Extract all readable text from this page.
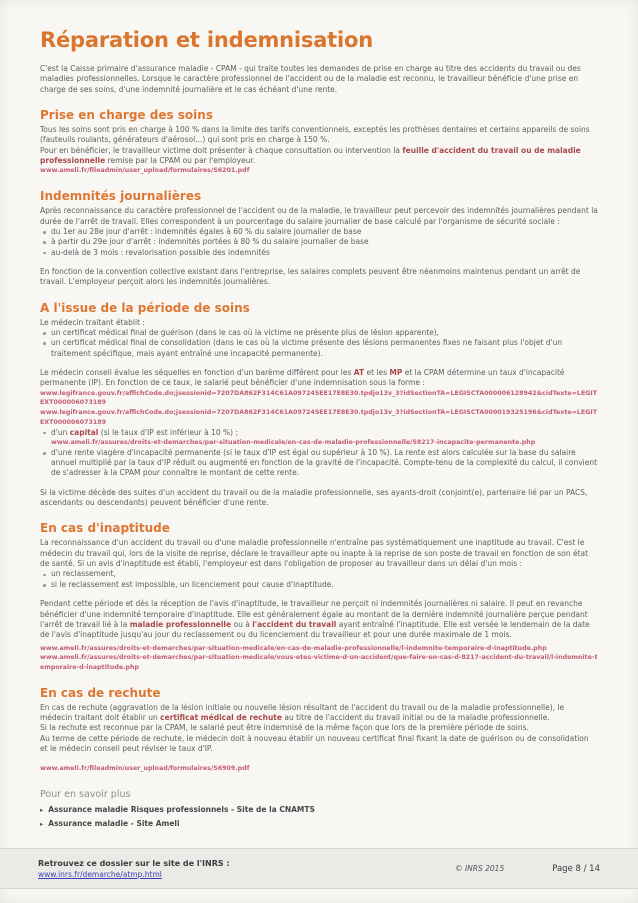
Réparation et indemnisation

C'est la Caisse primaire d'assurance maladie - CPAM - qui traite toutes les demandes de prise en charge au titre des accidents du travail ou des maladies professionnelles. Lorsque le caractère professionnel de l'accident ou de la maladie est reconnu, le travailleur bénéficie d'une prise en charge de ses soins, d'une indemnité journalière et le cas échéant d'une rente.

Prise en charge des soins

Tous les soins sont pris en charge à 100 % dans la limite des tarifs conventionnels, exceptés les prothèses dentaires et certains appareils de soins (fauteuils roulants, générateurs d'aérosol...) qui sont pris en charge à 150 %.

Pour en bénéficier, le travailleur victime doit présenter à chaque consultation ou intervention la feuille d'accident du travail ou de maladie professionnelle remise par la CPAM ou par l'employeur.

www.ameli.fr/fileadmin/user_upload/formulaires/S6201.pdf
Indemnités journalières

Après reconnaissance du caractère professionnel de l'accident ou de la maladie, le travailleur peut percevoir des indemnités journalières pendant la durée de l'arrêt de travail. Elles correspondent à un pourcentage du salaire journalier de base calculé par l'organisme de sécurité sociale :

du 1er au 28e jour d'arrêt : indemnités égales à 60 % du salaire journalier de base
à partir du 29e jour d'arrêt : indemnités portées à 80 % du salaire journalier de base
au-delà de 3 mois : revalorisation possible des indemnités

En fonction de la convention collective existant dans l'entreprise, les salaires complets peuvent être néanmoins maintenus pendant un arrêt de travail. L'employeur perçoit alors les indemnités journalières.

A l'issue de la période de soins

Le médecin traitant établit :

un certificat médical final de guérison (dans le cas où la victime ne présente plus de lésion apparente),
un certificat médical final de consolidation (dans le cas où la victime présente des lésions permanentes fixes ne faisant plus l'objet d'un traitement spécifique, mais ayant entraîné une incapacité permanente).

Le médecin conseil évalue les séquelles en fonction d'un barème différent pour les AT et les MP et la CPAM détermine un taux d'incapacité permanente (IP). En fonction de ce taux, le salarié peut bénéficier d'une indemnisation sous la forme :

www.legifrance.gouv.fr/affichCode.do;jsessionid=7207DA862F314C61A097245EE17E8E30.tpdjo13v_3?idSectionTA=LEGISCTA000006128942&cidTexte=LEGITEXT000006073189
www.legifrance.gouv.fr/affichCode.do;jsessionid=7207DA862F314C61A097245EE17E8E30.tpdjo13v_3?idSectionTA=LEGISCTA000019325196&cidTexte=LEGITEXT000006073189
d'un capital (si le taux d'IP est inférieur à 10 %) ;
www.ameli.fr/assures/droits-et-demarches/par-situation-medicale/en-cas-de-maladie-professionnelle/58217-incapacite-permanente.php
d'une rente viagère d'incapacité permanente (si le taux d'IP est égal ou supérieur à 10 %). La rente est alors calculée sur la base du salaire annuel multiplié par la taux d'IP réduit ou augmenté en fonction de la gravité de l'incapacité. Compte-tenu de la complexité du calcul, il convient de s'adresser à la CPAM pour connaître le montant de cette rente.

Si la victime décède des suites d'un accident du travail ou de la maladie professionnelle, ses ayants-droit (conjoint(e), partenaire lié par un PACS, ascendants ou descendants) peuvent bénéficier d'une rente.

En cas d'inaptitude

La reconnaissance d'un accident du travail ou d'une maladie professionnelle n'entraîne pas systématiquement une inaptitude au travail. C'est le médecin du travail qui, lors de la visite de reprise, déclare le travailleur apte ou inapte à la reprise de son poste de travail en fonction de son état de santé. Si un avis d'inaptitude est établi, l'employeur est dans l'obligation de proposer au travailleur dans un délai d'un mois :

un reclassement,
si le reclassement est impossible, un licenciement pour cause d'inaptitude.

Pendant cette période et dès la réception de l'avis d'inaptitude, le travailleur ne perçoit ni indemnités journalières ni salaire. Il peut en revanche bénéficier d'une indemnité temporaire d'inaptitude. Elle est généralement égale au montant de la dernière indemnité journalière perçue pendant l'arrêt de travail lié à la maladie professionnelle ou à l'accident du travail ayant entraîné l'inaptitude. Elle est versée le lendemain de la date de l'avis d'inaptitude jusqu'au jour du reclassement ou du licenciement du travailleur et pour une durée maximale de 1 mois.

www.ameli.fr/assures/droits-et-demarches/par-situation-medicale/en-cas-de-maladie-professionnelle/l-indemnite-temporaire-d-inaptitude.php
www.ameli.fr/assures/droits-et-demarches/par-situation-medicale/vous-etes-victime-d-un-accident/que-faire-en-cas-d-8217-accident-du-travail/l-indemnite-temporaire-d-inaptitude.php
En cas de rechute

En cas de rechute (aggravation de la lésion initiale ou nouvelle lésion résultant de l'accident du travail ou de la maladie professionnelle), le médecin traitant doit établir un certificat médical de rechute au titre de l'accident du travail initial ou de la maladie professionnelle.

Si la rechute est reconnue par la CPAM, le salarié peut être indemnisé de la même façon que lors de la première période de soins.

Au terme de cette période de rechute, le médecin doit à nouveau établir un nouveau certificat final fixant la date de guérison ou de consolidation et le médecin conseil peut réviser le taux d'IP.

www.ameli.fr/fileadmin/user_upload/formulaires/S6909.pdf
Pour en savoir plus
▸ Assurance maladie Risques professionnels - Site de la CNAMTS
▸ Assurance maladie - Site Ameli
Retrouvez ce dossier sur le site de l'INRS :
www.inrs.fr/demarche/atmp.html
© INRS 2015	Page 8 / 14
